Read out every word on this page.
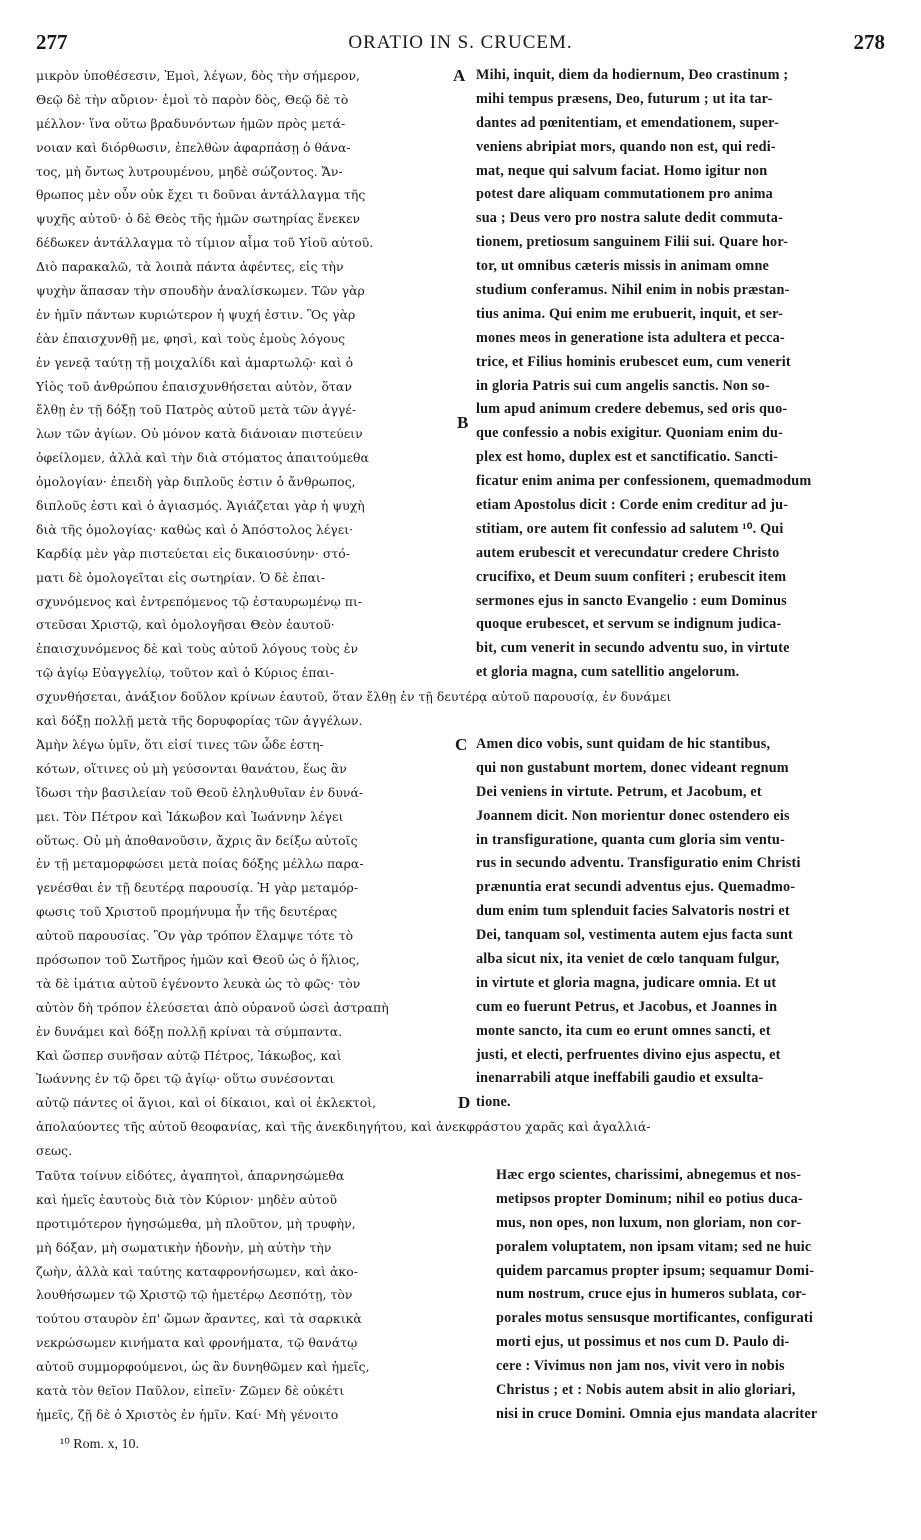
277	ORATIO IN S. CRUCEM.	278
μικρὸν ὑποθέσεσιν, Ἐμοὶ, λέγων, δὸς τὴν σήμερον,
Θεῷ δὲ τὴν αὔριον· ἐμοὶ τὸ παρὸν δὸς, Θεῷ δὲ τὸ
μέλλον· ἵνα οὕτω βραδυνόντων ἡμῶν πρὸς μετά-
νοιαν καὶ διόρθωσιν, ἐπελθὼν ἀφαρπάσῃ ὁ θάνα-
τος, μὴ ὄντως λυτρουμένου, μηδὲ σώζοντος. Ἄν-
θρωπος μὲν οὖν οὐκ ἔχει τι δοῦναι ἀντάλλαγμα τῆς
ψυχῆς αὐτοῦ· ὁ δὲ Θεὸς τῆς ἡμῶν σωτηρίας ἕνεκεν
δέδωκεν ἀντάλλαγμα τὸ τίμιον αἷμα τοῦ Υἱοῦ αὐτοῦ.
Διὸ παρακαλῶ, τὰ λοιπὰ πάντα ἀφέντες, εἰς τὴν
ψυχὴν ἅπασαν τὴν σπουδὴν ἀναλίσκωμεν. Τῶν γὰρ
ἐν ἡμῖν πάντων κυριώτερον ἡ ψυχή ἐστιν. Ὃς γὰρ
ἐὰν ἐπαισχυνθῇ με, φησὶ, καὶ τοὺς ἐμοὺς λόγους
ἐν γενεᾷ ταύτῃ τῇ μοιχαλίδι καὶ ἁμαρτωλῷ· καὶ ὁ
Υἱὸς τοῦ ἀνθρώπου ἐπαισχυνθήσεται αὐτὸν, ὅταν
ἔλθῃ ἐν τῇ δόξῃ τοῦ Πατρὸς αὐτοῦ μετὰ τῶν ἀγγέ-
λων τῶν ἁγίων. Οὐ μόνον κατὰ διάνοιαν πιστεύειν
ὀφείλομεν, ἀλλὰ καὶ τὴν διὰ στόματος ἀπαιτούμεθα
ὁμολογίαν· ἐπειδὴ γὰρ διπλοῦς ἐστιν ὁ ἄνθρωπος,
διπλοῦς ἐστι καὶ ὁ ἁγιασμός. Ἁγιάζεται γὰρ ἡ ψυχὴ
διὰ τῆς ὁμολογίας· καθὼς καὶ ὁ Ἀπόστολος λέγει·
Καρδίᾳ μὲν γὰρ πιστεύεται εἰς δικαιοσύνην· στό-
ματι δὲ ὁμολογεῖται εἰς σωτηρίαν. Ὁ δὲ ἐπαι-
σχυνόμενος καὶ ἐντρεπόμενος τῷ ἐσταυρωμένῳ πι-
στεῦσαι Χριστῷ, καὶ ὁμολογῆσαι Θεὸν ἑαυτοῦ·
ἐπαισχυνόμενος δὲ καὶ τοὺς αὐτοῦ λόγους τοὺς ἐν
τῷ ἁγίῳ Εὐαγγελίῳ, τοῦτον καὶ ὁ Κύριος ἐπαι-
σχυνθήσεται, ἀνάξιον δοῦλον κρίνων ἑαυτοῦ, ὅταν ἔλθῃ ἐν τῇ δευτέρᾳ αὐτοῦ παρουσίᾳ, ἐν δυνάμει
καὶ δόξῃ πολλῇ μετὰ τῆς δορυφορίας τῶν ἀγγέλων.
Mihi, inquit, diem da hodiernum, Deo crastinum ;
mihi tempus præsens, Deo, futurum ; ut ita tar-
dantes ad pœnitentiam, et emendationem, super-
veniens abripiat mors, quando non est, qui redi-
mat, neque qui salvum faciat. Homo igitur non
potest dare aliquam commutationem pro anima
sua ; Deus vero pro nostra salute dedit commuta-
tionem, pretiosum sanguinem Filii sui. Quare hor-
tor, ut omnibus cæteris missis in animam omne
studium conferamus. Nihil enim in nobis præstan-
tius anima. Qui enim me erubuerit, inquit, et ser-
mones meos in generatione ista adultera et pecca-
trice, et Filius hominis erubescet eum, cum venerit
in gloria Patris sui cum angelis sanctis. Non so-
lum apud animum credere debemus, sed oris quo-
que confessio a nobis exigitur. Quoniam enim du-
plex est homo, duplex est et sanctificatio. Sancti-
ficatur enim anima per confessionem, quemadmodum
etiam Apostolus dicit : Corde enim creditur ad ju-
stitiam, ore autem fit confessio ad salutem ¹⁰. Qui
autem erubescit et verecundatur credere Christo
crucifixo, et Deum suum confiteri ; erubescit item
sermones ejus in sancto Evangelio : eum Dominus
quoque erubescet, et servum se indignum judica-
bit, cum venerit in secundo adventu suo, in virtute
et gloria magna, cum satellitio angelorum.
Ἀμὴν λέγω ὑμῖν, ὅτι εἰσί τινες τῶν ὧδε ἑστη-
κότων, οἵτινες οὐ μὴ γεύσονται θανάτου, ἕως ἂν
ἴδωσι τὴν βασιλείαν τοῦ Θεοῦ ἐληλυθυῖαν ἐν δυνά-
μει. Τὸν Πέτρον καὶ Ἰάκωβον καὶ Ἰωάννην λέγει
οὕτως. Οὐ μὴ ἀποθανοῦσιν, ἄχρις ἂν δείξω αὐτοῖς
ἐν τῇ μεταμορφώσει μετὰ ποίας δόξης μέλλω παρα-
γενέσθαι ἐν τῇ δευτέρᾳ παρουσίᾳ. Ἡ γὰρ μεταμόρ-
φωσις τοῦ Χριστοῦ προμήνυμα ἦν τῆς δευτέρας
αὐτοῦ παρουσίας. Ὃν γὰρ τρόπον ἔλαμψε τότε τὸ
πρόσωπον τοῦ Σωτῆρος ἡμῶν καὶ Θεοῦ ὡς ὁ ἥλιος,
τὰ δὲ ἱμάτια αὐτοῦ ἐγένοντο λευκὰ ὡς τὸ φῶς· τὸν
αὐτὸν δὴ τρόπον ἐλεύσεται ἀπὸ οὐρανοῦ ὡσεὶ ἀστραπὴ
ἐν δυνάμει καὶ δόξῃ πολλῇ κρίναι τὰ σύμπαντα.
Καὶ ὥσπερ συνῆσαν αὐτῷ Πέτρος, Ἰάκωβος, καὶ
Ἰωάννης ἐν τῷ ὄρει τῷ ἁγίῳ· οὕτω συνέσονται
αὐτῷ πάντες οἱ ἅγιοι, καὶ οἱ δίκαιοι, καὶ οἱ ἐκλεκτοὶ,
ἀπολαύοντες τῆς αὐτοῦ θεοφανίας, καὶ τῆς ἀνεκδιηγήτου, καὶ ἀνεκφράστου χαρᾶς καὶ ἀγαλλιά-
σεως.
Amen dico vobis, sunt quidam de hic stantibus,
qui non gustabunt mortem, donec videant regnum
Dei veniens in virtute. Petrum, et Jacobum, et
Joannem dicit. Non morientur donec ostendero eis
in transfiguratione, quanta cum gloria sim ventu-
rus in secundo adventu. Transfiguratio enim Christi
prænuntia erat secundi adventus ejus. Quemadmo-
dum enim tum splenduit facies Salvatoris nostri et
Dei, tanquam sol, vestimenta autem ejus facta sunt
alba sicut nix, ita veniet de cœlo tanquam fulgur,
in virtute et gloria magna, judicare omnia. Et ut
cum eo fuerunt Petrus, et Jacobus, et Joannes in
monte sancto, ita cum eo erunt omnes sancti, et
justi, et electi, perfruentes divino ejus aspectu, et
inenarrabili atque ineffabili gaudio et exsulta-
tione.
Ταῦτα τοίνυν εἰδότες, ἀγαπητοὶ, ἀπαρνησώμεθα
καὶ ἡμεῖς ἑαυτοὺς διὰ τὸν Κύριον· μηδὲν αὐτοῦ
προτιμότερον ἡγησώμεθα, μὴ πλοῦτον, μὴ τρυφὴν,
μὴ δόξαν, μὴ σωματικὴν ἡδονὴν, μὴ αὐτὴν τὴν
ζωὴν, ἀλλὰ καὶ ταύτης καταφρονήσωμεν, καὶ ἀκο-
λουθήσωμεν τῷ Χριστῷ τῷ ἡμετέρῳ Δεσπότῃ, τὸν
τούτου σταυρὸν ἐπ' ὤμων ἄραντες, καὶ τὰ σαρκικὰ
νεκρώσωμεν κινήματα καὶ φρονήματα, τῷ θανάτῳ
αὐτοῦ συμμορφούμενοι, ὡς ἂν δυνηθῶμεν καὶ ἡμεῖς,
κατὰ τὸν θεῖον Παῦλον, εἰπεῖν· Ζῶμεν δὲ οὐκέτι
ἡμεῖς, ζῇ δὲ ὁ Χριστὸς ἐν ἡμῖν. Καί· Μὴ γένοιτο
Hæc ergo scientes, charissimi, abnegemus et nos-
metipsos propter Dominum; nihil eo potius duca-
mus, non opes, non luxum, non gloriam, non cor-
poralem voluptatem, non ipsam vitam; sed ne huic
quidem parcamus propter ipsum; sequamur Domi-
num nostrum, cruce ejus in humeros sublata, cor-
porales motus sensusque mortificantes, configurati
morti ejus, ut possimus et nos cum D. Paulo di-
cere : Vivimus non jam nos, vivit vero in nobis
Christus ; et : Nobis autem absit in alio gloriari,
nisi in cruce Domini. Omnia ejus mandata alacriter
A
B
C
D
¹⁰ Rom. x, 10.
